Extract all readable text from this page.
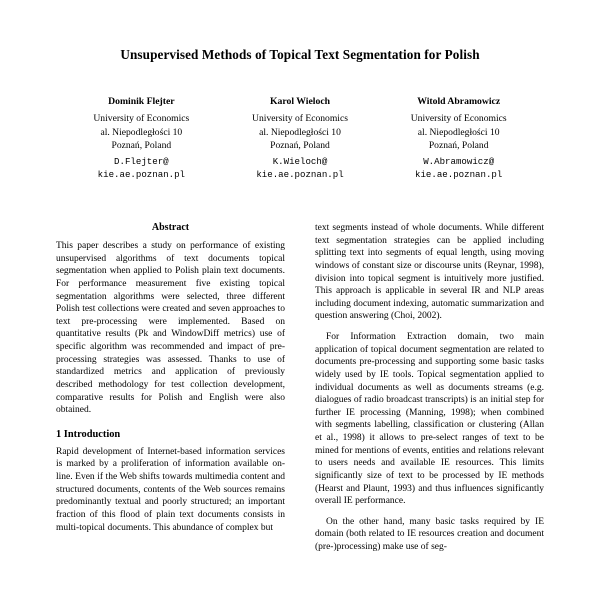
Unsupervised Methods of Topical Text Segmentation for Polish
Dominik Flejter
University of Economics
al. Niepodległości 10
Poznań, Poland
D.Flejter@
kie.ae.poznan.pl
Karol Wieloch
University of Economics
al. Niepodległości 10
Poznań, Poland
K.Wieloch@
kie.ae.poznan.pl
Witold Abramowicz
University of Economics
al. Niepodległości 10
Poznań, Poland
W.Abramowicz@
kie.ae.poznan.pl
Abstract

This paper describes a study on performance of existing unsupervised algorithms of text documents topical segmentation when applied to Polish plain text documents. For performance measurement five existing topical segmentation algorithms were selected, three different Polish test collections were created and seven approaches to text pre-processing were implemented. Based on quantitative results (Pk and WindowDiff metrics) use of specific algorithm was recommended and impact of pre-processing strategies was assessed. Thanks to use of standardized metrics and application of previously described methodology for test collection development, comparative results for Polish and English were also obtained.

1 Introduction

Rapid development of Internet-based information services is marked by a proliferation of information available on-line. Even if the Web shifts towards multimedia content and structured documents, contents of the Web sources remains predominantly textual and poorly structured; an important fraction of this flood of plain text documents consists in multi-topical documents. This abundance of complex but

text segments instead of whole documents. While different text segmentation strategies can be applied including splitting text into segments of equal length, using moving windows of constant size or discourse units (Reynar, 1998), division into topical segment is intuitively more justified. This approach is applicable in several IR and NLP areas including document indexing, automatic summarization and question answering (Choi, 2002).

For Information Extraction domain, two main application of topical document segmentation are related to documents pre-processing and supporting some basic tasks widely used by IE tools. Topical segmentation applied to individual documents as well as documents streams (e.g. dialogues of radio broadcast transcripts) is an initial step for further IE processing (Manning, 1998); when combined with segments labelling, classification or clustering (Allan et al., 1998) it allows to pre-select ranges of text to be mined for mentions of events, entities and relations relevant to users needs and available IE resources. This limits significantly size of text to be processed by IE methods (Hearst and Plaunt, 1993) and thus influences significantly overall IE performance.

On the other hand, many basic tasks required by IE domain (both related to IE resources creation and document (pre-)processing) make use of seg-
